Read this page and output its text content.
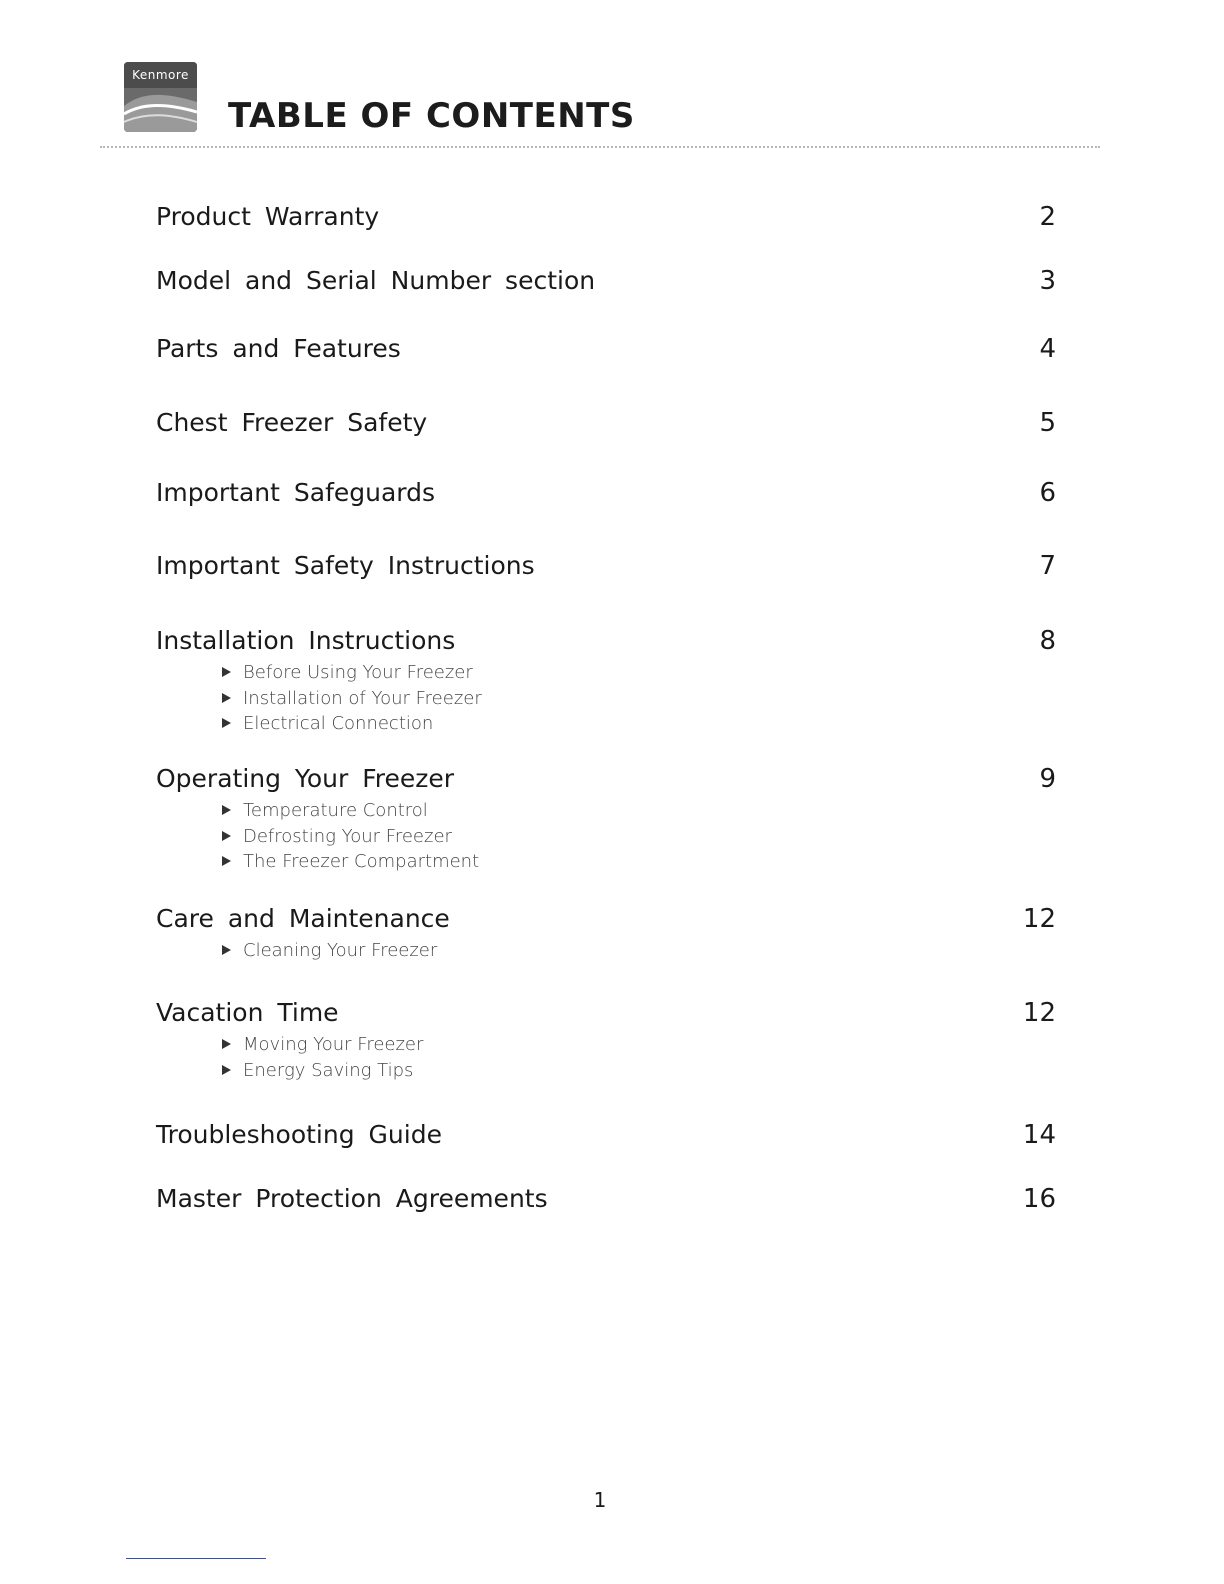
Kenmore
TABLE OF CONTENTS
Product Warranty	2
Model and Serial Number section	3
Parts and Features	4
Chest Freezer Safety	5
Important Safeguards	6
Important Safety Instructions	7
Installation Instructions	8
Before Using Your Freezer
Installation of Your Freezer
Electrical Connection
Operating Your Freezer	9
Temperature Control
Defrosting Your Freezer
The Freezer Compartment
Care and Maintenance	12
Cleaning Your Freezer
Vacation Time	12
Moving Your Freezer
Energy Saving Tips
Troubleshooting Guide	14
Master Protection Agreements	16
1
